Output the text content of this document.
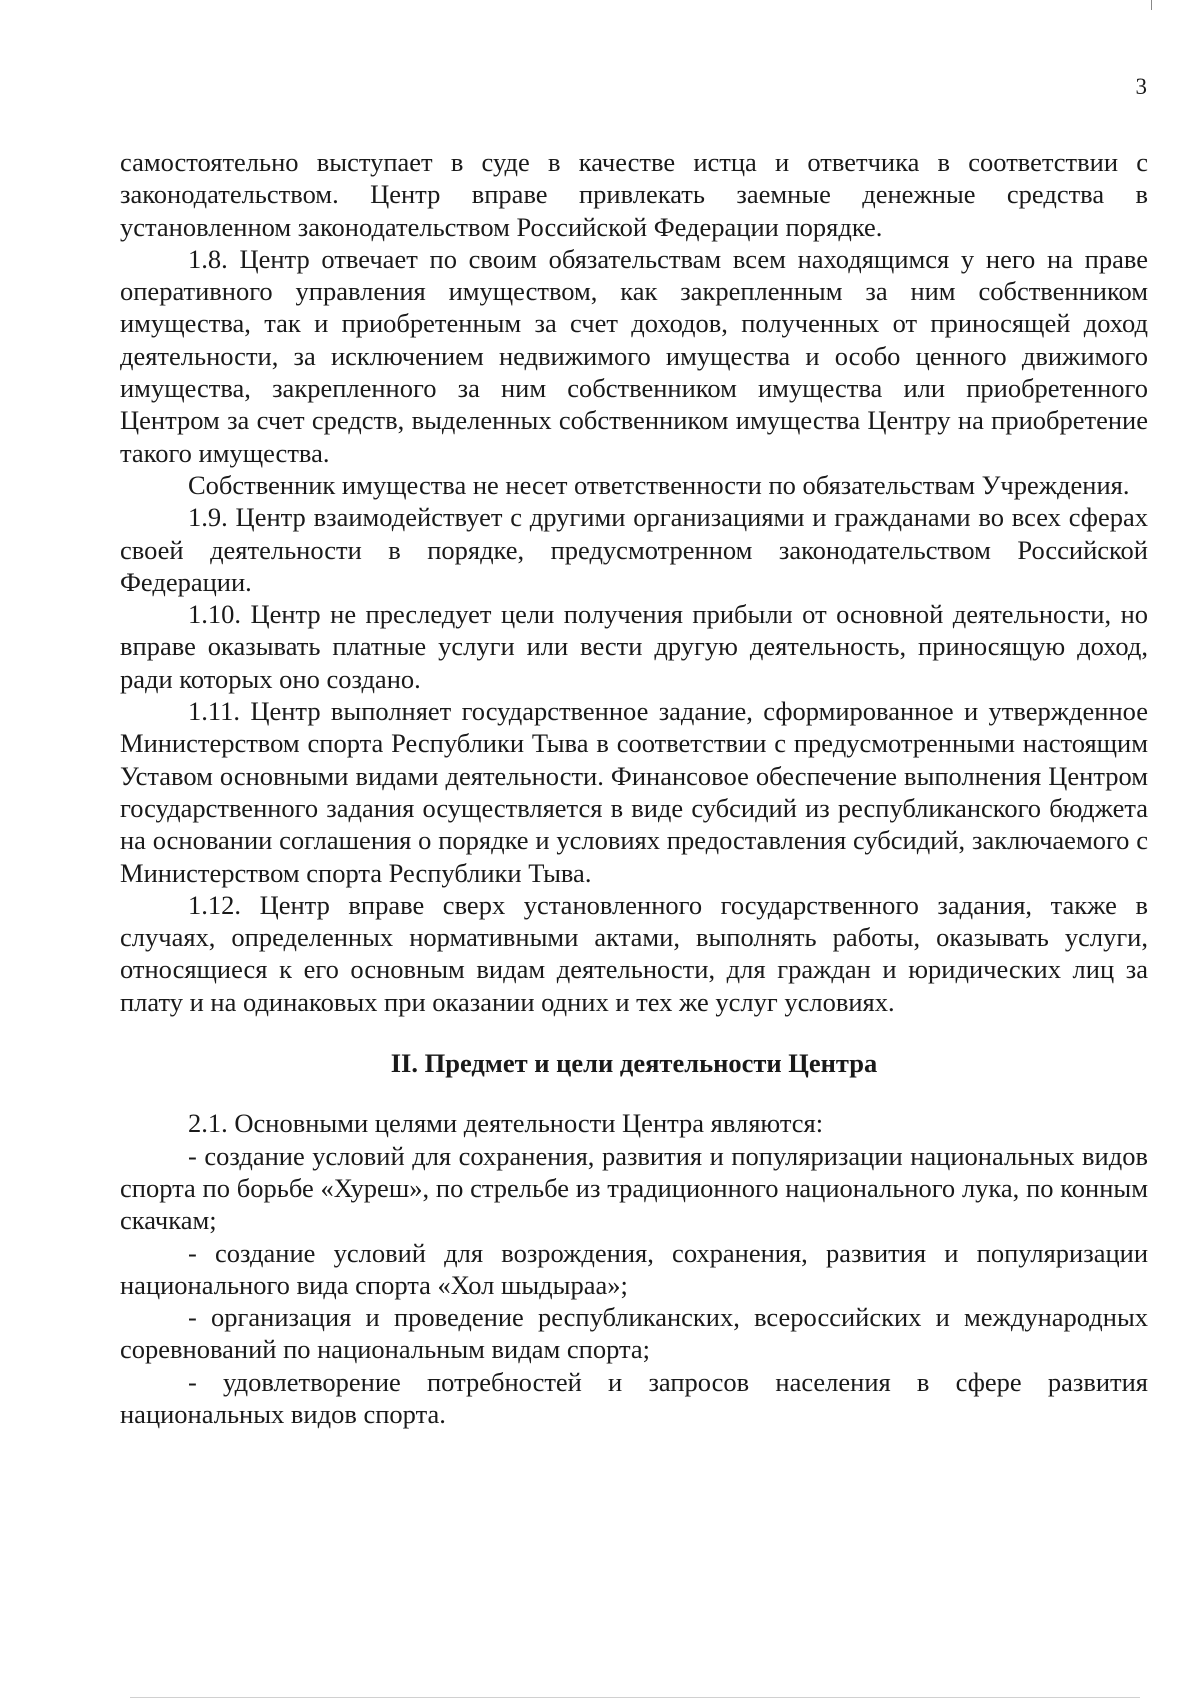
3

самостоятельно выступает в суде в качестве истца и ответчика в соответствии с законодательством. Центр вправе привлекать заемные денежные средства в установленном законодательством Российской Федерации порядке.

1.8. Центр отвечает по своим обязательствам всем находящимся у него на праве оперативного управления имуществом, как закрепленным за ним собственником имущества, так и приобретенным за счет доходов, полученных от приносящей доход деятельности, за исключением недвижимого имущества и особо ценного движимого имущества, закрепленного за ним собственником имущества или приобретенного Центром за счет средств, выделенных собственником имущества Центру на приобретение такого имущества.

Собственник имущества не несет ответственности по обязательствам Учреждения.

1.9. Центр взаимодействует с другими организациями и гражданами во всех сферах своей деятельности в порядке, предусмотренном законодательством Российской Федерации.

1.10. Центр не преследует цели получения прибыли от основной деятельности, но вправе оказывать платные услуги или вести другую деятельность, приносящую доход, ради которых оно создано.

1.11. Центр выполняет государственное задание, сформированное и утвержденное Министерством спорта Республики Тыва в соответствии с предусмотренными настоящим Уставом основными видами деятельности. Финансовое обеспечение выполнения Центром государственного задания осуществляется в виде субсидий из республиканского бюджета на основании соглашения о порядке и условиях предоставления субсидий, заключаемого с Министерством спорта Республики Тыва.

1.12. Центр вправе сверх установленного государственного задания, также в случаях, определенных нормативными актами, выполнять работы, оказывать услуги, относящиеся к его основным видам деятельности, для граждан и юридических лиц за плату и на одинаковых при оказании одних и тех же услуг условиях.

II. Предмет и цели деятельности Центра

2.1. Основными целями деятельности Центра являются:

- создание условий для сохранения, развития и популяризации национальных видов спорта по борьбе «Хуреш», по стрельбе из традиционного национального лука, по конным скачкам;

- создание условий для возрождения, сохранения, развития и популяризации национального вида спорта «Хол шыдыраа»;

- организация и проведение республиканских, всероссийских и международных соревнований по национальным видам спорта;

- удовлетворение потребностей и запросов населения в сфере развития национальных видов спорта.
